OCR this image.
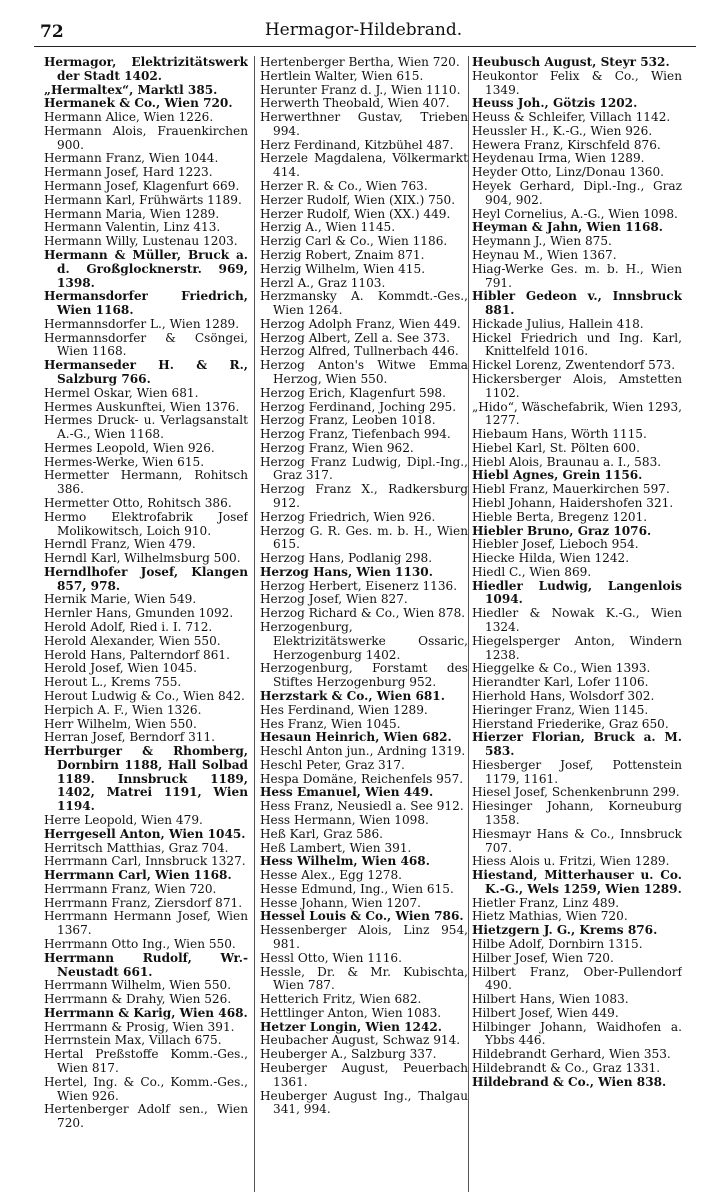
72	Hermagor-Hildebrand.
Hermagor, Elektrizitätswerk der Stadt 1402.
„Hermaltex“, Marktl 385.
Hermanek & Co., Wien 720.
Hermann Alice, Wien 1226.
Hermann Alois, Frauenkirchen 900.
Hermann Franz, Wien 1044.
Hermann Josef, Hard 1223.
Hermann Josef, Klagenfurt 669.
Hermann Karl, Frühwärts 1189.
Hermann Maria, Wien 1289.
Hermann Valentin, Linz 413.
Hermann Willy, Lustenau 1203.
Hermann & Müller, Bruck a. d. Großglocknerstr. 969, 1398.
Hermansdorfer Friedrich, Wien 1168.
Hermannsdorfer L., Wien 1289.
Hermannsdorfer & Csöngei, Wien 1168.
Hermanseder H. & R., Salzburg 766.
Hermel Oskar, Wien 681.
Hermes Auskunftei, Wien 1376.
Hermes Druck- u. Verlagsanstalt A.-G., Wien 1168.
Hermes Leopold, Wien 926.
Hermes-Werke, Wien 615.
Hermetter Hermann, Rohitsch 386.
Hermetter Otto, Rohitsch 386.
Hermo Elektrofabrik Josef Molikowitsch, Loich 910.
Herndl Franz, Wien 479.
Herndl Karl, Wilhelmsburg 500.
Herndlhofer Josef, Klangen 857, 978.
Hernik Marie, Wien 549.
Hernler Hans, Gmunden 1092.
Herold Adolf, Ried i. I. 712.
Herold Alexander, Wien 550.
Herold Hans, Palterndorf 861.
Herold Josef, Wien 1045.
Herout L., Krems 755.
Herout Ludwig & Co., Wien 842.
Herpich A. F., Wien 1326.
Herr Wilhelm, Wien 550.
Herran Josef, Berndorf 311.
Herrburger & Rhomberg, Dornbirn 1188, Hall Solbad 1189. Innsbruck 1189, 1402, Matrei 1191, Wien 1194.
Herre Leopold, Wien 479.
Herrgesell Anton, Wien 1045.
Herritsch Matthias, Graz 704.
Herrmann Carl, Innsbruck 1327.
Herrmann Carl, Wien 1168.
Herrmann Franz, Wien 720.
Herrmann Franz, Ziersdorf 871.
Herrmann Hermann Josef, Wien 1367.
Herrmann Otto Ing., Wien 550.
Herrmann Rudolf, Wr.-Neustadt 661.
Herrmann Wilhelm, Wien 550.
Herrmann & Drahy, Wien 526.
Herrmann & Karig, Wien 468.
Herrmann & Prosig, Wien 391.
Herrnstein Max, Villach 675.
Hertal Preßstoffe Komm.-Ges., Wien 817.
Hertel, Ing. & Co., Komm.-Ges., Wien 926.
Hertenberger Adolf sen., Wien 720.
Hertenberger Bertha, Wien 720.
Hertlein Walter, Wien 615.
Herunter Franz d. J., Wien 1110.
Herwerth Theobald, Wien 407.
Herwerthner Gustav, Trieben 994.
Herz Ferdinand, Kitzbühel 487.
Herzele Magdalena, Völkermarkt 414.
Herzer R. & Co., Wien 763.
Herzer Rudolf, Wien (XIX.) 750.
Herzer Rudolf, Wien (XX.) 449.
Herzig A., Wien 1145.
Herzig Carl & Co., Wien 1186.
Herzig Robert, Znaim 871.
Herzig Wilhelm, Wien 415.
Herzl A., Graz 1103.
Herzmansky A. Kommdt.-Ges., Wien 1264.
Herzog Adolph Franz, Wien 449.
Herzog Albert, Zell a. See 373.
Herzog Alfred, Tullnerbach 446.
Herzog Anton's Witwe Emma Herzog, Wien 550.
Herzog Erich, Klagenfurt 598.
Herzog Ferdinand, Joching 295.
Herzog Franz, Leoben 1018.
Herzog Franz, Tiefenbach 994.
Herzog Franz, Wien 962.
Herzog Franz Ludwig, Dipl.-Ing., Graz 317.
Herzog Franz X., Radkersburg 912.
Herzog Friedrich, Wien 926.
Herzog G. R. Ges. m. b. H., Wien 615.
Herzog Hans, Podlanig 298.
Herzog Hans, Wien 1130.
Herzog Herbert, Eisenerz 1136.
Herzog Josef, Wien 827.
Herzog Richard & Co., Wien 878.
Herzogenburg, Elektrizitätswerke Ossaric, Herzogenburg 1402.
Herzogenburg, Forstamt des Stiftes Herzogenburg 952.
Herzstark & Co., Wien 681.
Hes Ferdinand, Wien 1289.
Hes Franz, Wien 1045.
Hesaun Heinrich, Wien 682.
Heschl Anton jun., Ardning 1319.
Heschl Peter, Graz 317.
Hespa Domäne, Reichenfels 957.
Hess Emanuel, Wien 449.
Hess Franz, Neusiedl a. See 912.
Hess Hermann, Wien 1098.
Heß Karl, Graz 586.
Heß Lambert, Wien 391.
Hess Wilhelm, Wien 468.
Hesse Alex., Egg 1278.
Hesse Edmund, Ing., Wien 615.
Hesse Johann, Wien 1207.
Hessel Louis & Co., Wien 786.
Hessenberger Alois, Linz 954, 981.
Hessl Otto, Wien 1116.
Hessle, Dr. & Mr. Kubischta, Wien 787.
Hetterich Fritz, Wien 682.
Hettlinger Anton, Wien 1083.
Hetzer Longin, Wien 1242.
Heubacher August, Schwaz 914.
Heuberger A., Salzburg 337.
Heuberger August, Peuerbach 1361.
Heuberger August Ing., Thalgau 341, 994.
Heubusch August, Steyr 532.
Heukontor Felix & Co., Wien 1349.
Heuss Joh., Götzis 1202.
Heuss & Schleifer, Villach 1142.
Heussler H., K.-G., Wien 926.
Hewera Franz, Kirschfeld 876.
Heydenau Irma, Wien 1289.
Heyder Otto, Linz/Donau 1360.
Heyek Gerhard, Dipl.-Ing., Graz 904, 902.
Heyl Cornelius, A.-G., Wien 1098.
Heyman & Jahn, Wien 1168.
Heymann J., Wien 875.
Heynau M., Wien 1367.
Hiag-Werke Ges. m. b. H., Wien 791.
Hibler Gedeon v., Innsbruck 881.
Hickade Julius, Hallein 418.
Hickel Friedrich und Ing. Karl, Knittelfeld 1016.
Hickel Lorenz, Zwentendorf 573.
Hickersberger Alois, Amstetten 1102.
„Hido“, Wäschefabrik, Wien 1293, 1277.
Hiebaum Hans, Wörth 1115.
Hiebel Karl, St. Pölten 600.
Hiebl Alois, Braunau a. I., 583.
Hiebl Agnes, Grein 1156.
Hiebl Franz, Mauerkirchen 597.
Hiebl Johann, Haidershofen 321.
Hieble Berta, Bregenz 1201.
Hiebler Bruno, Graz 1076.
Hiebler Josef, Lieboch 954.
Hiecke Hilda, Wien 1242.
Hiedl C., Wien 869.
Hiedler Ludwig, Langenlois 1094.
Hiedler & Nowak K.-G., Wien 1324.
Hiegelsperger Anton, Windern 1238.
Hieggelke & Co., Wien 1393.
Hierandter Karl, Lofer 1106.
Hierhold Hans, Wolsdorf 302.
Hieringer Franz, Wien 1145.
Hierstand Friederike, Graz 650.
Hierzer Florian, Bruck a. M. 583.
Hiesberger Josef, Pottenstein 1179, 1161.
Hiesel Josef, Schenkenbrunn 299.
Hiesinger Johann, Korneuburg 1358.
Hiesmayr Hans & Co., Innsbruck 707.
Hiess Alois u. Fritzi, Wien 1289.
Hiestand, Mitterhauser u. Co. K.-G., Wels 1259, Wien 1289.
Hietler Franz, Linz 489.
Hietz Mathias, Wien 720.
Hietzgern J. G., Krems 876.
Hilbe Adolf, Dornbirn 1315.
Hilber Josef, Wien 720.
Hilbert Franz, Ober-Pullendorf 490.
Hilbert Hans, Wien 1083.
Hilbert Josef, Wien 449.
Hilbinger Johann, Waidhofen a. Ybbs 446.
Hildebrandt Gerhard, Wien 353.
Hildebrandt & Co., Graz 1331.
Hildebrand & Co., Wien 838.
